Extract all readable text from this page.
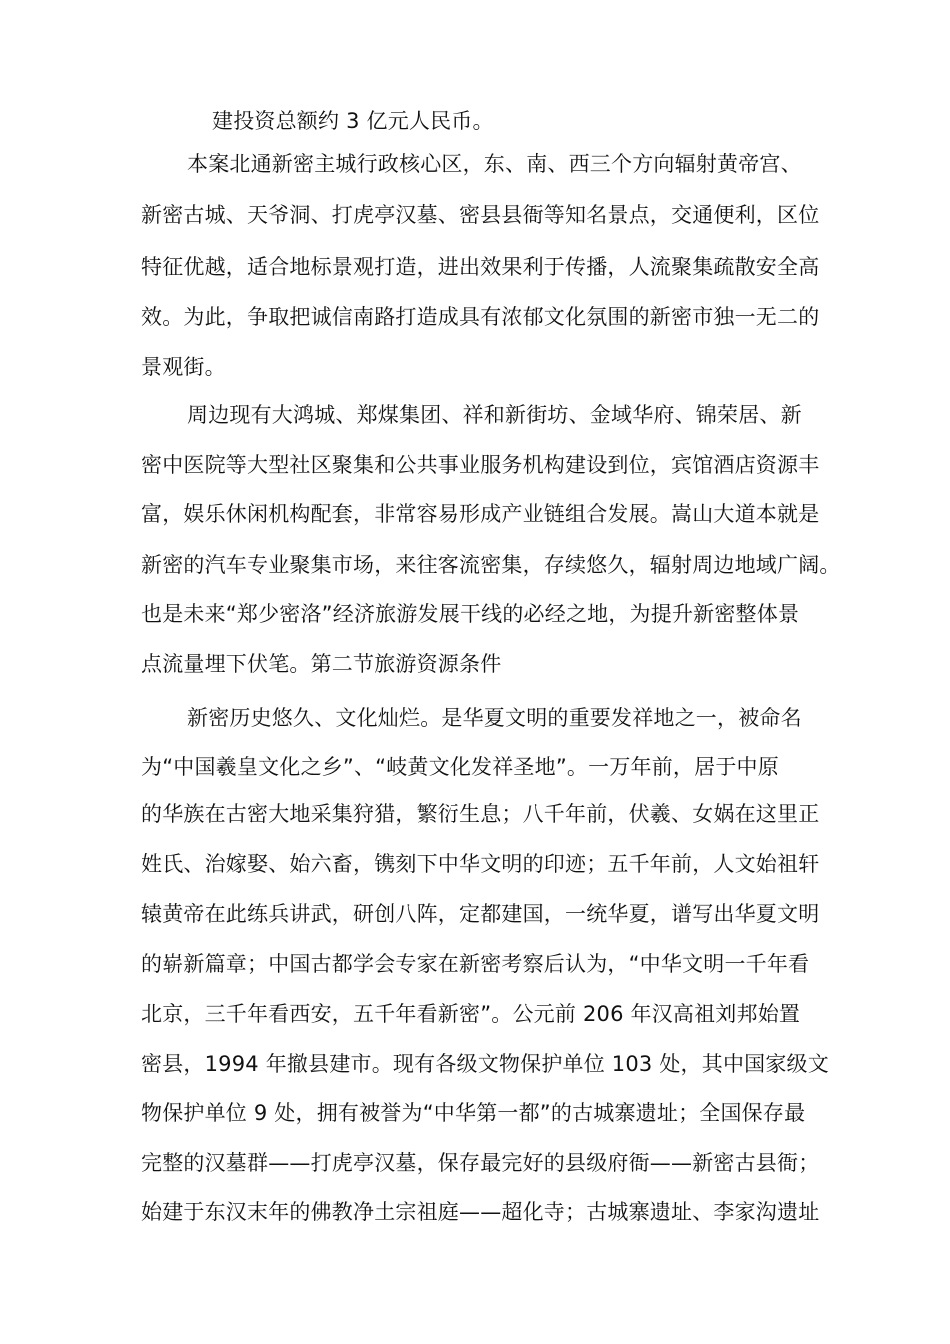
建投资总额约 3 亿元人民币。
本案北通新密主城行政核心区，东、南、西三个方向辐射黄帝宫、
新密古城、天爷洞、打虎亭汉墓、密县县衙等知名景点，交通便利，区位
特征优越，适合地标景观打造，进出效果利于传播，人流聚集疏散安全高
效。为此，争取把诚信南路打造成具有浓郁文化氛围的新密市独一无二的
景观街。
周边现有大鸿城、郑煤集团、祥和新街坊、金域华府、锦荣居、新
密中医院等大型社区聚集和公共事业服务机构建设到位，宾馆酒店资源丰
富，娱乐休闲机构配套，非常容易形成产业链组合发展。嵩山大道本就是
新密的汽车专业聚集市场，来往客流密集，存续悠久，辐射周边地域广阔。
也是未来“郑少密洛”经济旅游发展干线的必经之地，为提升新密整体景
点流量埋下伏笔。第二节旅游资源条件
新密历史悠久、文化灿烂。是华夏文明的重要发祥地之一，被命名
为“中国羲皇文化之乡”、“岐黄文化发祥圣地”。一万年前，居于中原
的华族在古密大地采集狩猎，繁衍生息；八千年前，伏羲、女娲在这里正
姓氏、治嫁娶、始六畜，镌刻下中华文明的印迹；五千年前，人文始祖轩
辕黄帝在此练兵讲武，研创八阵，定都建国，一统华夏，谱写出华夏文明
的崭新篇章；中国古都学会专家在新密考察后认为，“中华文明一千年看
北京，三千年看西安，五千年看新密”。公元前 206 年汉高祖刘邦始置
密县，1994 年撤县建市。现有各级文物保护单位 103 处，其中国家级文
物保护单位 9 处，拥有被誉为“中华第一都”的古城寨遗址；全国保存最
完整的汉墓群——打虎亭汉墓，保存最完好的县级府衙——新密古县衙；
始建于东汉末年的佛教净土宗祖庭——超化寺；古城寨遗址、李家沟遗址
